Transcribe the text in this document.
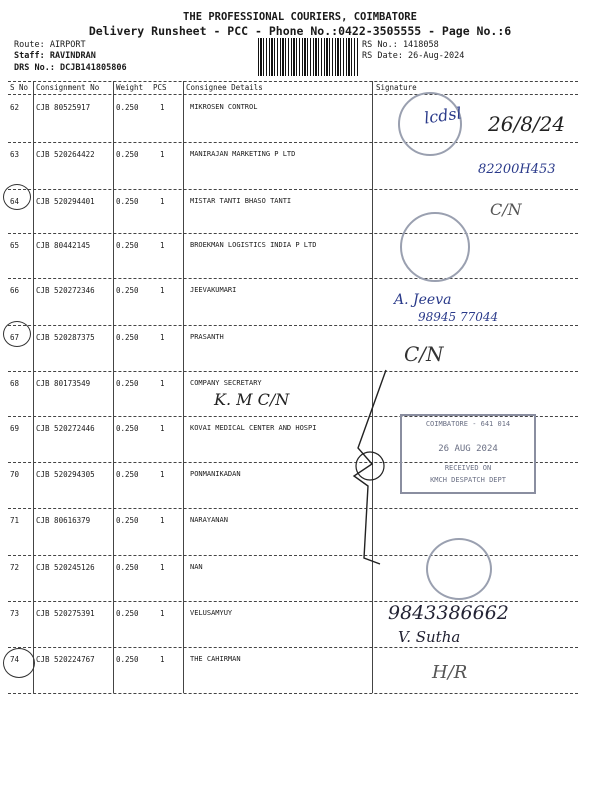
THE PROFESSIONAL COURIERS, COIMBATORE
Delivery Runsheet - PCC - Phone No.:0422-3505555 - Page No.:6
Route: AIRPORT
Staff: RAVINDRAN
DRS No.: DCJB141805806
RS No.: 1418058
RS Date: 26-Aug-2024
S No Consignment No Weight PCS	Consignee Details	Signature
62 CJB 80525917	0.250	1	MIKROSEN CONTROL
63 CJB 520264422	0.250	1	MANIRAJAN MARKETING P LTD
64 CJB 520294401	0.250	1	MISTAR TANTI BHASO TANTI
65 CJB 80442145	0.250	1	BROEKMAN LOGISTICS INDIA P LTD
66 CJB 520272346	0.250	1	JEEVAKUMARI
67 CJB 520287375	0.250	1	PRASANTH
68 CJB 80173549	0.250	1	COMPANY SECRETARY
69 CJB 520272446	0.250	1	KOVAI MEDICAL CENTER AND HOSPI
70 CJB 520294305	0.250	1	PONMANIKADAN
71 CJB 80616379	0.250	1	NARAYANAN
72 CJB 520245126	0.250	1	NAN
73 CJB 520275391	0.250	1	VELUSAMYUY
74 CJB 520224767	0.250	1	THE CAHIRMAN
COIMBATORE - 641 014
26 AUG 2024
RECEIVED ON
KMCH DESPATCH DEPT
lcdsl 26/8/24
82200H453
C/N
A. Jeeva
98945 77044
C/N
K. M C/N
9843386662
V. Sutha
H/R
